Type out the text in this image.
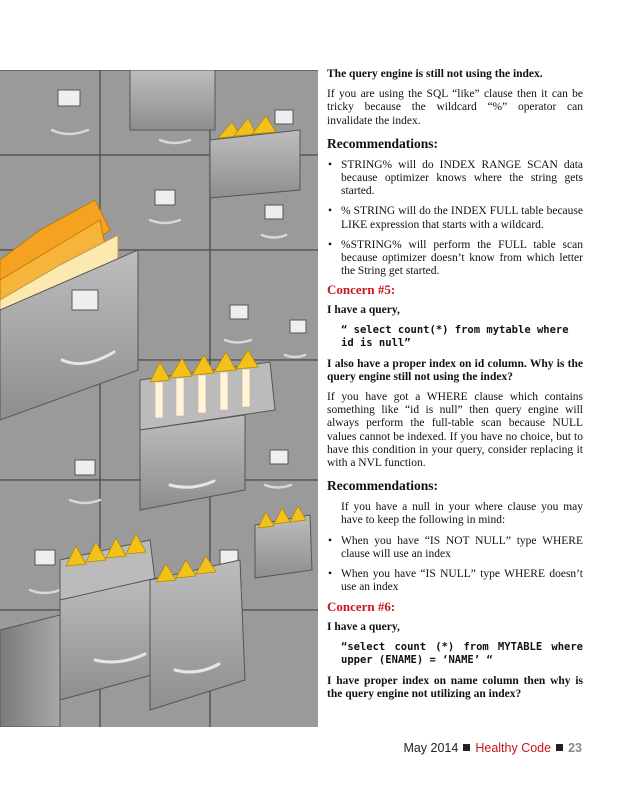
The query engine is still not using the index.

If you are using the SQL “like” clause then it can be tricky because the wildcard “%” operator can invalidate the index.

Recommendations:

• STRING% will do INDEX RANGE SCAN data because optimizer knows where the string gets started.
• % STRING will do the INDEX FULL table because LIKE expression that starts with a wildcard.
• %STRING% will perform the FULL table scan because optimizer doesn’t know from which letter the String get started.

Concern #5:

I have a query,

“ select count(*) from mytable where id is null”

I also have a proper index on id column. Why is the query engine still not using the index?

If you have got a WHERE clause which contains something like “id is null” then query engine will always perform the full-table scan because NULL values cannot be indexed. If you have no choice, but to have this condition in your query, consider replacing it with a NVL function.

Recommendations:

If you have a null in your where clause you may have to keep the following in mind:

• When you have “IS NOT NULL” type WHERE clause will use an index
• When you have “IS NULL” type WHERE doesn’t use an index

Concern #6:

I have a query,

“select count (*) from MYTABLE where upper (ENAME) = ‘NAME’ “

I have proper index on name column then why is the query engine not utilizing an index?

May 2014 Healthy Code 23
